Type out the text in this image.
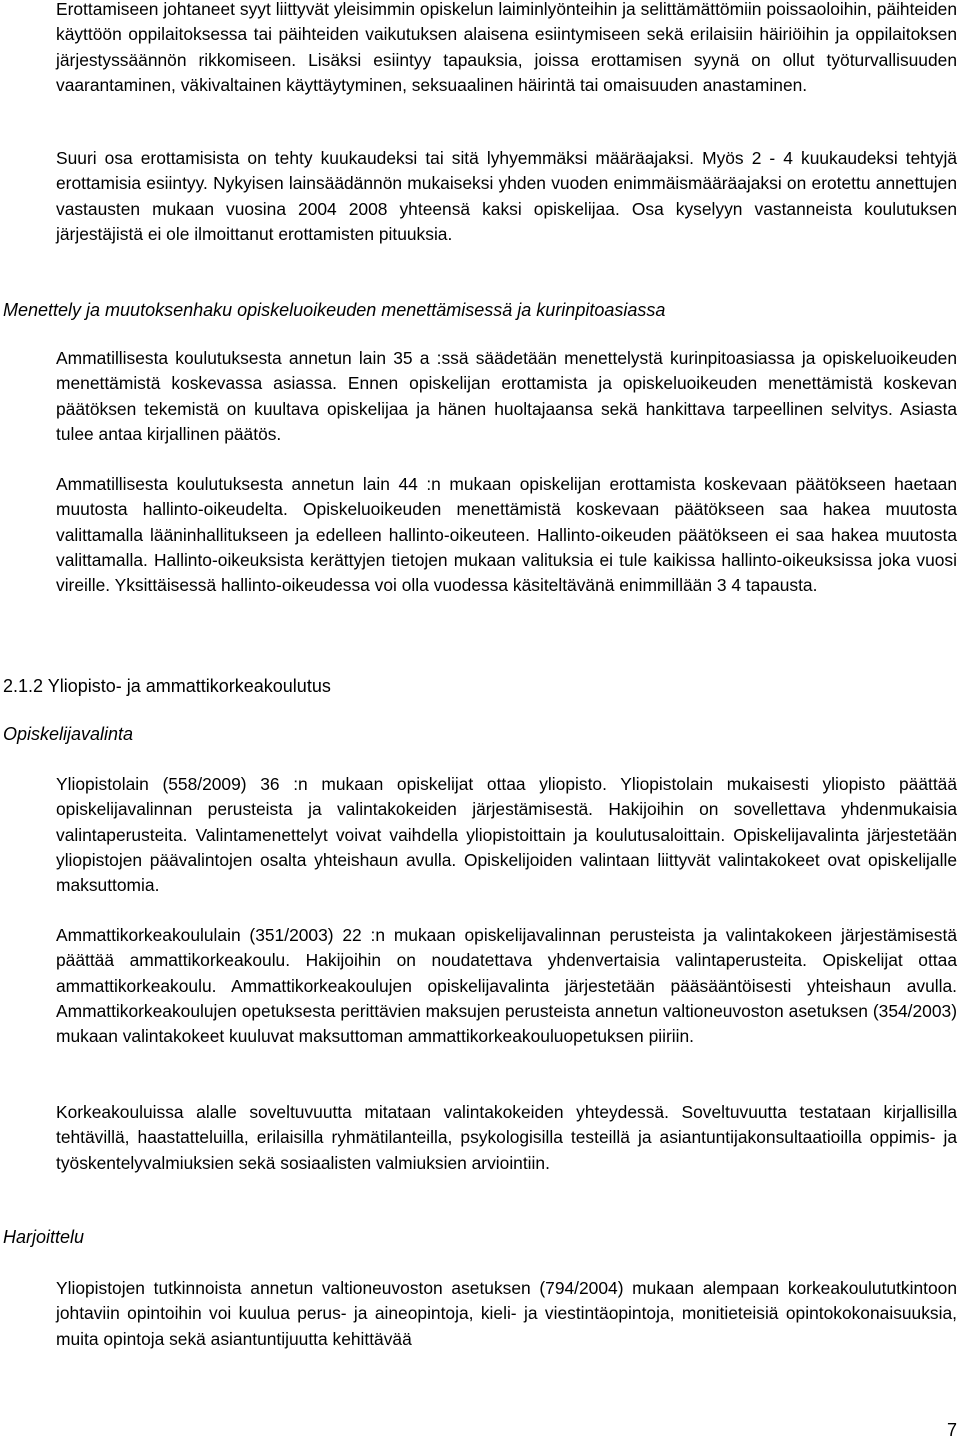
Erottamiseen johtaneet syyt liittyvät yleisimmin opiskelun laiminlyönteihin ja selittämättömiin poissaoloihin, päihteiden käyttöön oppilaitoksessa tai päihteiden vaikutuksen alaisena esiintymiseen sekä erilaisiin häiriöihin ja oppilaitoksen järjestyssäännön rikkomiseen. Lisäksi esiintyy tapauksia, joissa erottamisen syynä on ollut työturvallisuuden vaarantaminen, väkivaltainen käyttäytyminen, seksuaalinen häirintä tai omaisuuden anastaminen.

Suuri osa erottamisista on tehty kuukaudeksi tai sitä lyhyemmäksi määräajaksi. Myös 2 - 4 kuukaudeksi tehtyjä erottamisia esiintyy. Nykyisen lainsäädännön mukaiseksi yhden vuoden enimmäismääräajaksi on erotettu annettujen vastausten mukaan vuosina 2004 2008 yhteensä kaksi opiskelijaa. Osa kyselyyn vastanneista koulutuksen järjestäjistä ei ole ilmoittanut erottamisten pituuksia.

Menettely ja muutoksenhaku opiskeluoikeuden menettämisessä ja kurinpitoasiassa

Ammatillisesta koulutuksesta annetun lain 35 a :ssä säädetään menettelystä kurinpitoasiassa ja opiskeluoikeuden menettämistä koskevassa asiassa. Ennen opiskelijan erottamista ja opiskeluoikeuden menettämistä koskevan päätöksen tekemistä on kuultava opiskelijaa ja hänen huoltajaansa sekä hankittava tarpeellinen selvitys. Asiasta tulee antaa kirjallinen päätös.

Ammatillisesta koulutuksesta annetun lain 44 :n mukaan opiskelijan erottamista koskevaan päätökseen haetaan muutosta hallinto-oikeudelta. Opiskeluoikeuden menettämistä koskevaan päätökseen saa hakea muutosta valittamalla lääninhallitukseen ja edelleen hallinto-oikeuteen. Hallinto-oikeuden päätökseen ei saa hakea muutosta valittamalla. Hallinto-oikeuksista kerättyjen tietojen mukaan valituksia ei tule kaikissa hallinto-oikeuksissa joka vuosi vireille. Yksittäisessä hallinto-oikeudessa voi olla vuodessa käsiteltävänä enimmillään 3 4 tapausta.

2.1.2 Yliopisto- ja ammattikorkeakoulutus

Opiskelijavalinta

Yliopistolain (558/2009) 36 :n mukaan opiskelijat ottaa yliopisto. Yliopistolain mukaisesti yliopisto päättää opiskelijavalinnan perusteista ja valintakokeiden järjestämisestä. Hakijoihin on sovellettava yhdenmukaisia valintaperusteita. Valintamenettelyt voivat vaihdella yliopistoittain ja koulutusaloittain. Opiskelijavalinta järjestetään yliopistojen päävalintojen osalta yhteishaun avulla. Opiskelijoiden valintaan liittyvät valintakokeet ovat opiskelijalle maksuttomia.

Ammattikorkeakoululain (351/2003) 22 :n mukaan opiskelijavalinnan perusteista ja valintakokeen järjestämisestä päättää ammattikorkeakoulu. Hakijoihin on noudatettava yhdenvertaisia valintaperusteita. Opiskelijat ottaa ammattikorkeakoulu. Ammattikorkeakoulujen opiskelijavalinta järjestetään pääsääntöisesti yhteishaun avulla. Ammattikorkeakoulujen opetuksesta perittävien maksujen perusteista annetun valtioneuvoston asetuksen (354/2003) mukaan valintakokeet kuuluvat maksuttoman ammattikorkeakouluopetuksen piiriin.

Korkeakouluissa alalle soveltuvuutta mitataan valintakokeiden yhteydessä. Soveltuvuutta testataan kirjallisilla tehtävillä, haastatteluilla, erilaisilla ryhmätilanteilla, psykologisilla testeillä ja asiantuntijakonsultaatioilla oppimis- ja työskentelyvalmiuksien sekä sosiaalisten valmiuksien arviointiin.

Harjoittelu

Yliopistojen tutkinnoista annetun valtioneuvoston asetuksen (794/2004) mukaan alempaan korkeakoulututkintoon johtaviin opintoihin voi kuulua perus- ja aineopintoja, kieli- ja viestintäopintoja, monitieteisiä opintokokonaisuuksia, muita opintoja sekä asiantuntijuutta kehittävää

7
